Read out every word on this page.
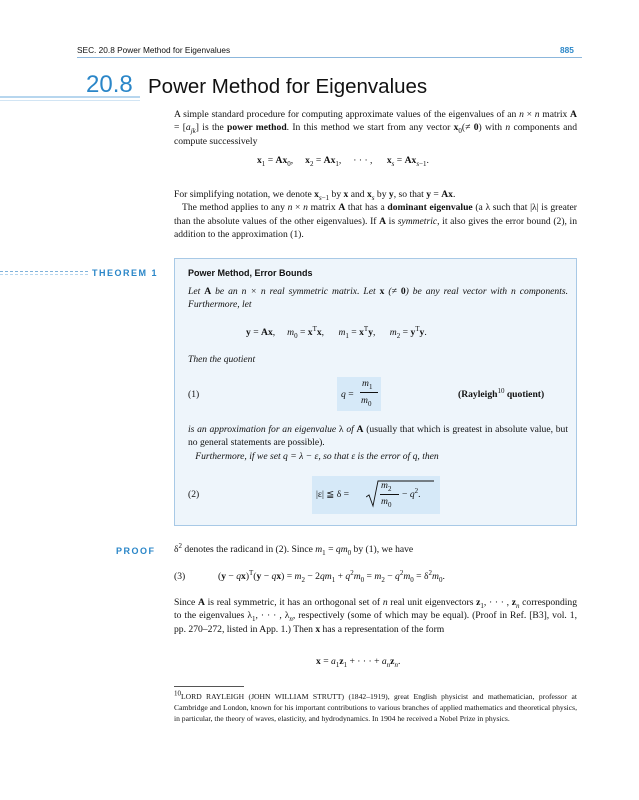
SEC. 20.8 Power Method for Eigenvalues	885
20.8 Power Method for Eigenvalues
A simple standard procedure for computing approximate values of the eigenvalues of an n × n matrix $A = [a_{jk}]$ is the power method. In this method we start from any vector $x_0(\ne 0)$ with n components and compute successively
$x_1 = Ax_0$,     $x_2 = Ax_1$,     · · · ,      $x_s = Ax_{s-1}$.
For simplifying notation, we denote $x_{s-1}$ by x and $x_s$ by y, so that y = Ax.
The method applies to any n × n matrix A that has a dominant eigenvalue (a λ such that |λ| is greater than the absolute values of the other eigenvalues). If A is symmetric, it also gives the error bound (2), in addition to the approximation (1).
THEOREM 1	Power Method, Error Bounds
Let A be an n × n real symmetric matrix. Let x (≠ 0) be any real vector with n components. Furthermore, let
y = Ax,     $m_0 = x^Tx$,      $m_1 = x^Ty$,      $m_2 = y^Ty$.
Then the quotient
(1)	q =
$m_1$
$m_0$
(Rayleigh$^{10}$ quotient)
is an approximation for an eigenvalue λ of A (usually that which is greatest in absolute value, but no general statements are possible).
Furthermore, if we set q = λ − ε, so that ε is the error of q, then
(2)	|ε| ≦ δ =
$m_2$
$m_0$
− $q^2$.
PROOF $\delta^2$ denotes the radicand in (2). Since $m_1 = qm_0$ by (1), we have
(3)	$(y - qx)^T(y - qx) = m_2 - 2qm_1 + q^2m_0 = m_2 - q^2m_0 = \delta^2m_0$.
Since A is real symmetric, it has an orthogonal set of n real unit eigenvectors $z_1$, · · · , $z_n$ corresponding to the eigenvalues $\lambda_1$, · · · , $\lambda_n$, respectively (some of which may be equal). (Proof in Ref. [B3], vol. 1, pp. 270–272, listed in App. 1.) Then x has a representation of the form
$x = a_1z_1$ + · · · + $a_nz_n$.
$^{10}$LORD RAYLEIGH (JOHN WILLIAM STRUTT) (1842–1919), great English physicist and mathematician, professor at Cambridge and London, known for his important contributions to various branches of applied mathematics and theoretical physics, in particular, the theory of waves, elasticity, and hydrodynamics. In 1904 he received a Nobel Prize in physics.
